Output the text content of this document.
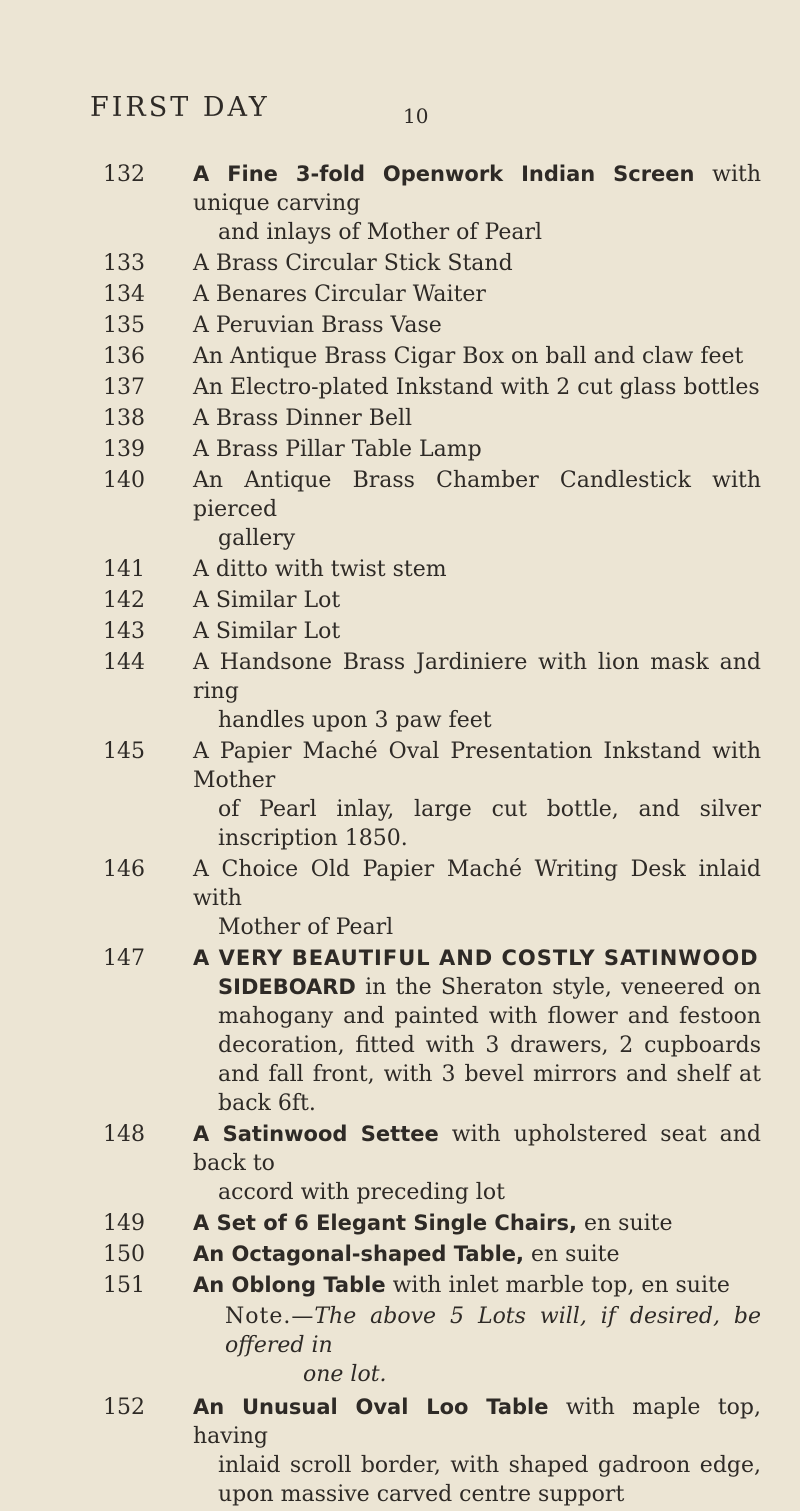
FIRST DAY	10
132 A Fine 3-fold Openwork Indian Screen with unique carving
and inlays of Mother of Pearl
133 A Brass Circular Stick Stand
134 A Benares Circular Waiter
135 A Peruvian Brass Vase
136 An Antique Brass Cigar Box on ball and claw feet
137 An Electro-plated Inkstand with 2 cut glass bottles
138 A Brass Dinner Bell
139 A Brass Pillar Table Lamp
140 An Antique Brass Chamber Candlestick with pierced
gallery
141 A ditto with twist stem
142 A Similar Lot
143 A Similar Lot
144 A Handsone Brass Jardiniere with lion mask and ring
handles upon 3 paw feet
145 A Papier Maché Oval Presentation Inkstand with Mother
of Pearl inlay, large cut bottle, and silver inscription 1850.
146 A Choice Old Papier Maché Writing Desk inlaid with
Mother of Pearl
147 A VERY BEAUTIFUL AND COSTLY SATINWOOD
SIDEBOARD in the Sheraton style, veneered on mahogany and painted with flower and festoon decoration, fitted with 3 drawers, 2 cupboards and fall front, with 3 bevel mirrors and shelf at back 6ft.
148 A Satinwood Settee with upholstered seat and back to
accord with preceding lot
149 A Set of 6 Elegant Single Chairs, en suite
150 An Octagonal-shaped Table, en suite
151 An Oblong Table with inlet marble top, en suite
Note.—The above 5 Lots will, if desired, be offered in
one lot.
152 An Unusual Oval Loo Table with maple top, having
inlaid scroll border, with shaped gadroon edge, upon massive carved centre support
